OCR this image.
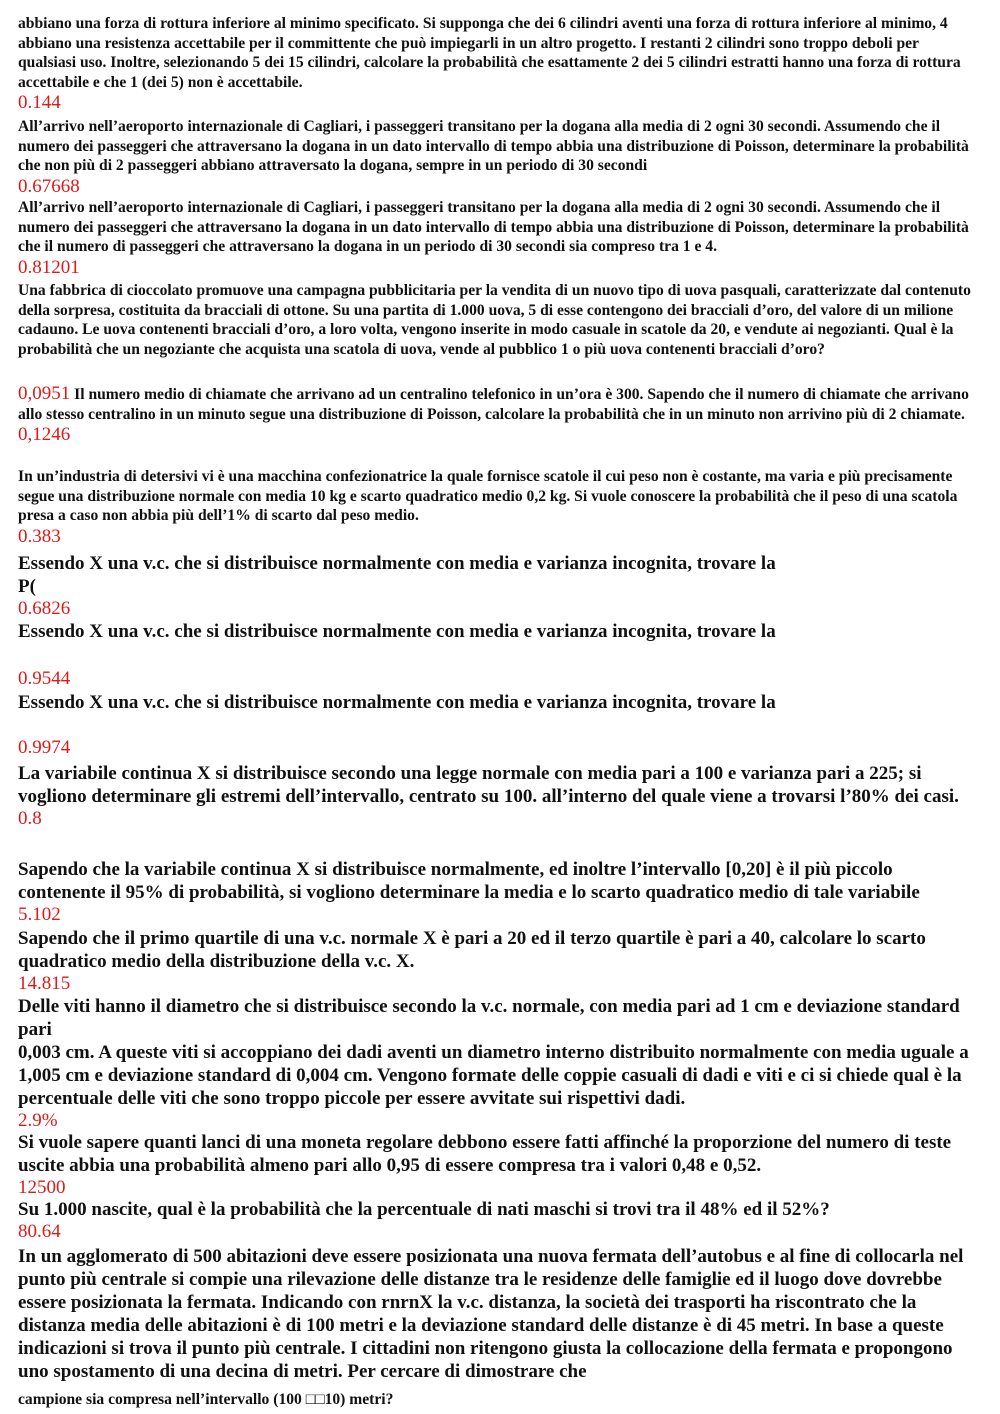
abbiano una forza di rottura inferiore al minimo specificato. Si supponga che dei 6 cilindri aventi una forza di rottura inferiore al minimo, 4 abbiano una resistenza accettabile per il committente che può impiegarli in un altro progetto. I restanti 2 cilindri sono troppo deboli per qualsiasi uso. Inoltre, selezionando 5 dei 15 cilindri, calcolare la probabilità che esattamente 2 dei 5 cilindri estratti hanno una forza di rottura accettabile e che 1 (dei 5) non è accettabile.

0.144

All’arrivo nell’aeroporto internazionale di Cagliari, i passeggeri transitano per la dogana alla media di 2 ogni 30 secondi. Assumendo che il numero dei passeggeri che attraversano la dogana in un dato intervallo di tempo abbia una distribuzione di Poisson, determinare la probabilità che non più di 2 passeggeri abbiano attraversato la dogana, sempre in un periodo di 30 secondi

0.67668

All’arrivo nell’aeroporto internazionale di Cagliari, i passeggeri transitano per la dogana alla media di 2 ogni 30 secondi. Assumendo che il numero dei passeggeri che attraversano la dogana in un dato intervallo di tempo abbia una distribuzione di Poisson, determinare la probabilità che il numero di passeggeri che attraversano la dogana in un periodo di 30 secondi sia compreso tra 1 e 4.

0.81201

Una fabbrica di cioccolato promuove una campagna pubblicitaria per la vendita di un nuovo tipo di uova pasquali, caratterizzate dal contenuto della sorpresa, costituita da bracciali di ottone. Su una partita di 1.000 uova, 5 di esse contengono dei bracciali d’oro, del valore di un milione cadauno. Le uova contenenti bracciali d’oro, a loro volta, vengono inserite in modo casuale in scatole da 20, e vendute ai negozianti. Qual è la probabilità che un negoziante che acquista una scatola di uova, vende al pubblico 1 o più uova contenenti bracciali d’oro?

0,0951 Il numero medio di chiamate che arrivano ad un centralino telefonico in un’ora è 300. Sapendo che il numero di chiamate che arrivano allo stesso centralino in un minuto segue una distribuzione di Poisson, calcolare la probabilità che in un minuto non arrivino più di 2 chiamate.

0,1246

In un’industria di detersivi vi è una macchina confezionatrice la quale fornisce scatole il cui peso non è costante, ma varia e più precisamente segue una distribuzione normale con media 10 kg e scarto quadratico medio 0,2 kg. Si vuole conoscere la probabilità che il peso di una scatola presa a caso non abbia più dell’1% di scarto dal peso medio.

0.383

Essendo X una v.c. che si distribuisce normalmente con media e varianza incognita, trovare la

P(

0.6826

Essendo X una v.c. che si distribuisce normalmente con media e varianza incognita, trovare la

0.9544

Essendo X una v.c. che si distribuisce normalmente con media e varianza incognita, trovare la

0.9974

La variabile continua X si distribuisce secondo una legge normale con media pari a 100 e varianza pari a 225; si vogliono determinare gli estremi dell’intervallo, centrato su 100. all’interno del quale viene a trovarsi l’80% dei casi.

0.8

Sapendo che la variabile continua X si distribuisce normalmente, ed inoltre l’intervallo [0,20] è il più piccolo contenente il 95% di probabilità, si vogliono determinare la media e lo scarto quadratico medio di tale variabile

5.102

Sapendo che il primo quartile di una v.c. normale X è pari a 20 ed il terzo quartile è pari a 40, calcolare lo scarto quadratico medio della distribuzione della v.c. X.

14.815

Delle viti hanno il diametro che si distribuisce secondo la v.c. normale, con media pari ad 1 cm e deviazione standard pari

0,003 cm. A queste viti si accoppiano dei dadi aventi un diametro interno distribuito normalmente con media uguale a 1,005 cm e deviazione standard di 0,004 cm. Vengono formate delle coppie casuali di dadi e viti e ci si chiede qual è la percentuale delle viti che sono troppo piccole per essere avvitate sui rispettivi dadi.

2.9%

Si vuole sapere quanti lanci di una moneta regolare debbono essere fatti affinché la proporzione del numero di teste uscite abbia una probabilità almeno pari allo 0,95 di essere compresa tra i valori 0,48 e 0,52.

12500

Su 1.000 nascite, qual è la probabilità che la percentuale di nati maschi si trovi tra il 48% ed il 52%?

80.64

In un agglomerato di 500 abitazioni deve essere posizionata una nuova fermata dell’autobus e al fine di collocarla nel punto più centrale si compie una rilevazione delle distanze tra le residenze delle famiglie ed il luogo dove dovrebbe essere posizionata la fermata. Indicando con rnrnX la v.c. distanza, la società dei trasporti ha riscontrato che la distanza media delle abitazioni è di 100 metri e la deviazione standard delle distanze è di 45 metri. In base a queste indicazioni si trova il punto più centrale. I cittadini non ritengono giusta la collocazione della fermata e propongono uno spostamento di una decina di metri. Per cercare di dimostrare che

campione sia compresa nell’intervallo (100 □□10) metri?
